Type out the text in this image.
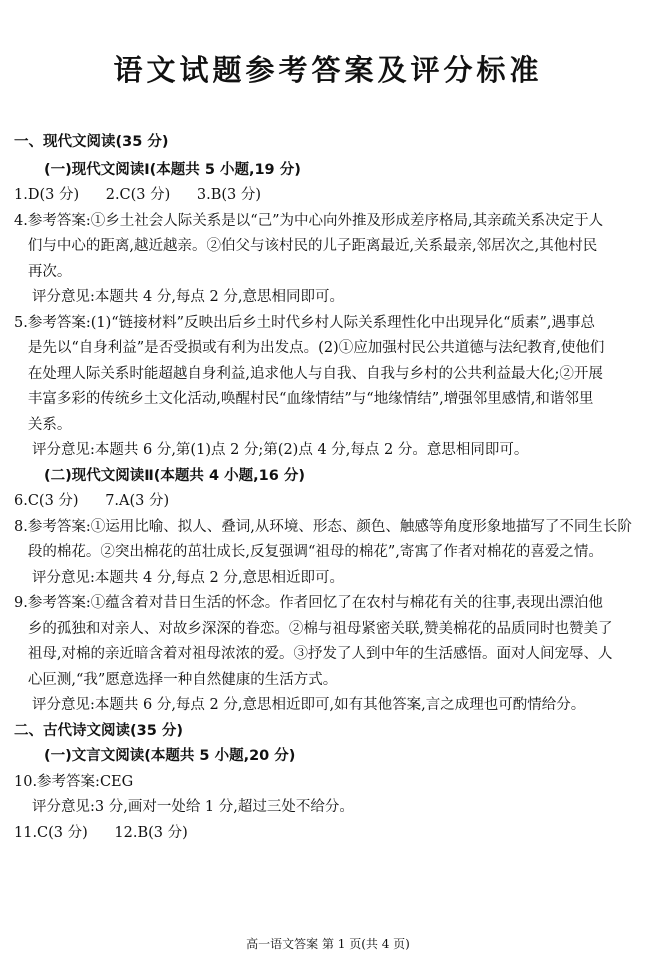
语文试题参考答案及评分标准
一、现代文阅读(35 分)
(一)现代文阅读Ⅰ(本题共 5 小题,19 分)
1.D(3 分) 2.C(3 分) 3.B(3 分)
4. 参考答案:①乡土社会人际关系是以“己”为中心向外推及形成差序格局,其亲疏关系决定于人
们与中心的距离,越近越亲。②伯父与该村民的儿子距离最近,关系最亲,邻居次之,其他村民
再次。
评分意见:本题共 4 分,每点 2 分,意思相同即可。
5. 参考答案:(1)“链接材料”反映出后乡土时代乡村人际关系理性化中出现异化“质素”,遇事总
是先以“自身利益”是否受损或有利为出发点。(2)①应加强村民公共道德与法纪教育,使他们
在处理人际关系时能超越自身利益,追求他人与自我、自我与乡村的公共利益最大化;②开展
丰富多彩的传统乡土文化活动,唤醒村民“血缘情结”与“地缘情结”,增强邻里感情,和谐邻里
关系。
评分意见:本题共 6 分,第(1)点 2 分;第(2)点 4 分,每点 2 分。意思相同即可。
(二)现代文阅读Ⅱ(本题共 4 小题,16 分)
6.C(3 分) 7.A(3 分)
8. 参考答案:①运用比喻、拟人、叠词,从环境、形态、颜色、触感等角度形象地描写了不同生长阶
段的棉花。②突出棉花的茁壮成长,反复强调“祖母的棉花”,寄寓了作者对棉花的喜爱之情。
评分意见:本题共 4 分,每点 2 分,意思相近即可。
9. 参考答案:①蕴含着对昔日生活的怀念。作者回忆了在农村与棉花有关的往事,表现出漂泊他
乡的孤独和对亲人、对故乡深深的眷恋。②棉与祖母紧密关联,赞美棉花的品质同时也赞美了
祖母,对棉的亲近暗含着对祖母浓浓的爱。③抒发了人到中年的生活感悟。面对人间宠辱、人
心叵测,“我”愿意选择一种自然健康的生活方式。
评分意见:本题共 6 分,每点 2 分,意思相近即可,如有其他答案,言之成理也可酌情给分。
二、古代诗文阅读(35 分)
(一)文言文阅读(本题共 5 小题,20 分)
10.参考答案:CEG
评分意见:3 分,画对一处给 1 分,超过三处不给分。
11.C(3 分) 12.B(3 分)
高一语文答案 第 1 页(共 4 页)
